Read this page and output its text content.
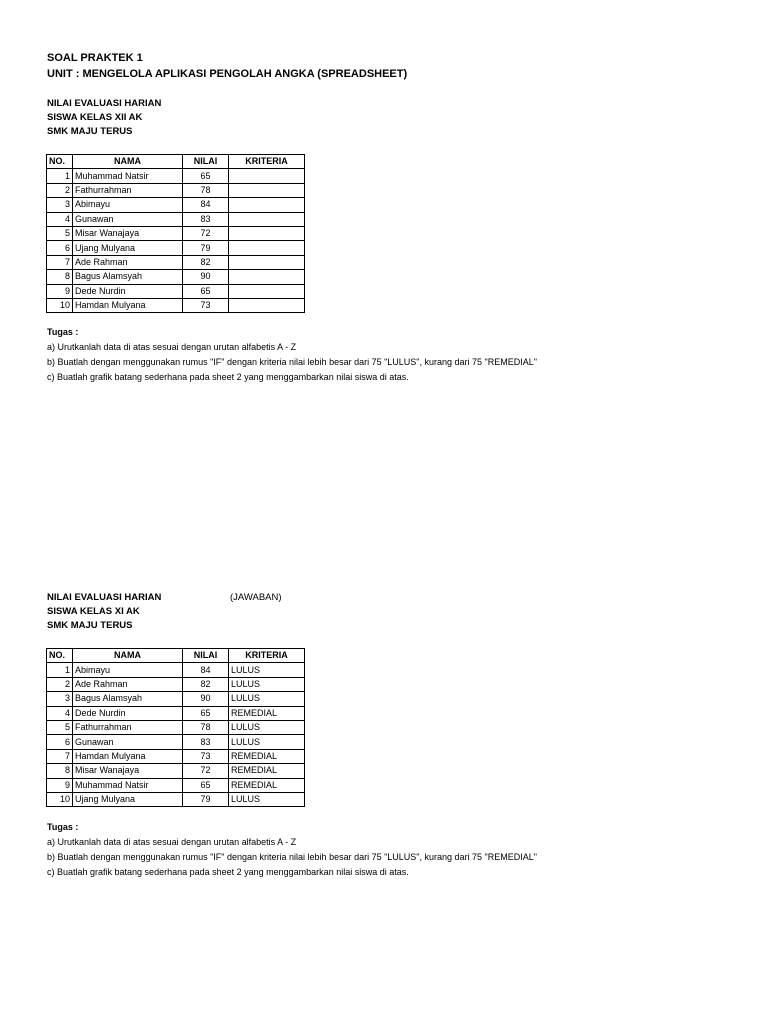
SOAL PRAKTEK 1
UNIT : MENGELOLA APLIKASI PENGOLAH ANGKA (SPREADSHEET)
NILAI EVALUASI HARIAN
SISWA KELAS XII AK
SMK MAJU TERUS
NO.	NAMA	NILAI	KRITERIA
1	Muhammad Natsir	65	
2	Fathurrahman	78	
3	Abimayu	84	
4	Gunawan	83	
5	Misar Wanajaya	72	
6	Ujang Mulyana	79	
7	Ade Rahman	82	
8	Bagus Alamsyah	90	
9	Dede Nurdin	65	
10	Hamdan Mulyana	73	
Tugas :
a) Urutkanlah data di atas sesuai dengan urutan alfabetis A - Z
b) Buatlah dengan menggunakan rumus "IF" dengan kriteria nilai lebih besar dari 75 "LULUS", kurang dari 75 "REMEDIAL"
c) Buatlah grafik batang sederhana pada sheet 2 yang menggambarkan nilai siswa di atas.
NILAI EVALUASI HARIAN	(JAWABAN)
SISWA KELAS XI AK
SMK MAJU TERUS
NO.	NAMA	NILAI	KRITERIA
1	Abimayu	84	LULUS
2	Ade Rahman	82	LULUS
3	Bagus Alamsyah	90	LULUS
4	Dede Nurdin	65	REMEDIAL
5	Fathurrahman	78	LULUS
6	Gunawan	83	LULUS
7	Hamdan Mulyana	73	REMEDIAL
8	Misar Wanajaya	72	REMEDIAL
9	Muhammad Natsir	65	REMEDIAL
10	Ujang Mulyana	79	LULUS
Tugas :
a) Urutkanlah data di atas sesuai dengan urutan alfabetis A - Z
b) Buatlah dengan menggunakan rumus "IF" dengan kriteria nilai lebih besar dari 75 "LULUS", kurang dari 75 "REMEDIAL"
c) Buatlah grafik batang sederhana pada sheet 2 yang menggambarkan nilai siswa di atas.
